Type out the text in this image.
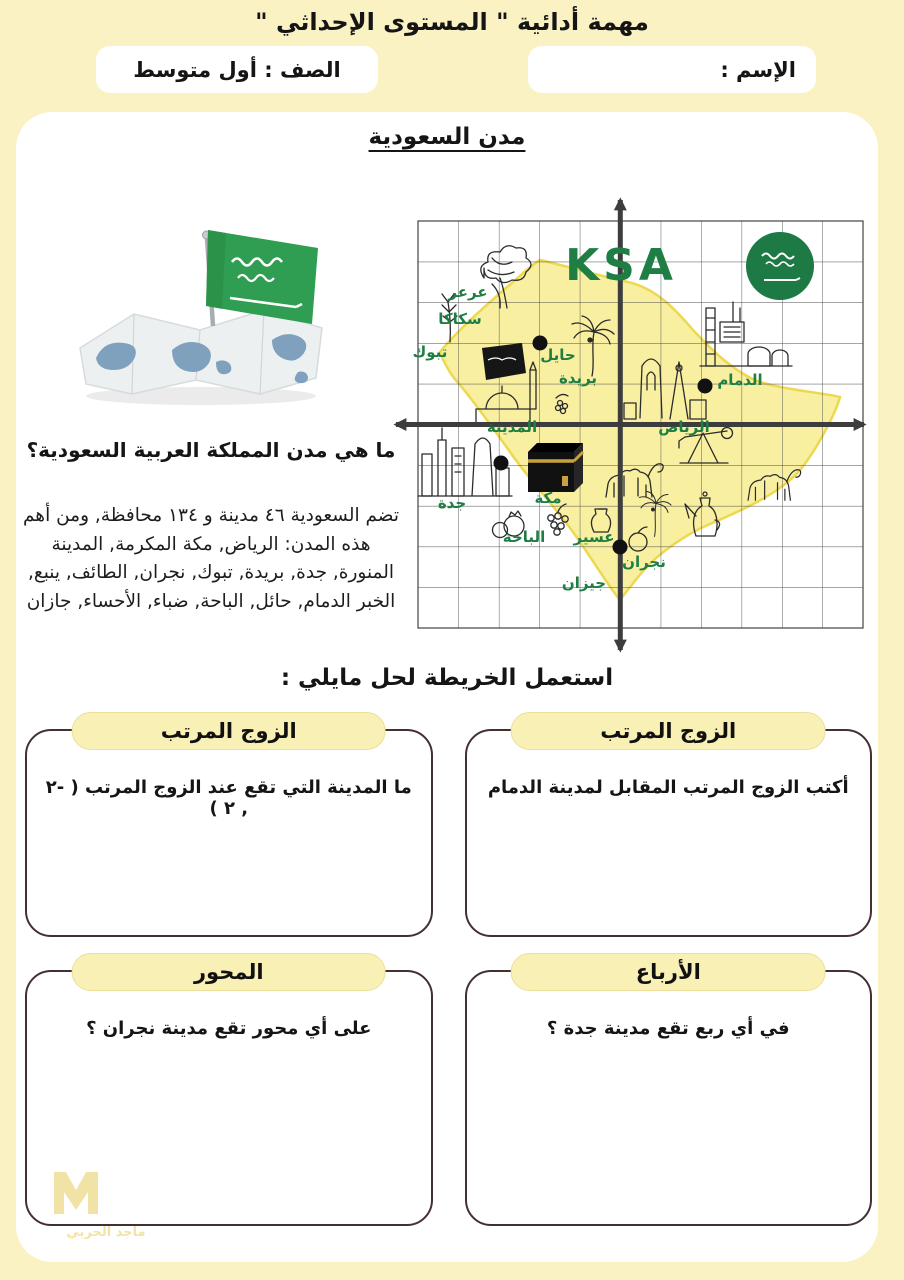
مهمة أدائية " المستوى الإحداثي "
الإسم :
الصف : أول متوسط
مدن السعودية
ما هي مدن المملكة العربية السعودية؟
تضم السعودية ٤٦ مدينة و ١٣٤ محافظة, ومن أهم هذه المدن: الرياض, مكة المكرمة, المدينة المنورة, جدة, بريدة, تبوك, نجران, الطائف, ينبع, الخبر الدمام, حائل, الباحة, ضباء, الأحساء, جازان
KSA
عرعر
سكاكا
تبوك	حايل
بريدة	الدمام
الرياض
المدينة
جدة	مكة
عسير
الباحة
نجران
جيزان
استعمل الخريطة لحل مايلي :
الزوج المرتب
أكتب الزوج المرتب المقابل لمدينة الدمام
الزوج المرتب
ما المدينة التي تقع عند الزوج المرتب ( -٢ , ٢ )
الأرباع
في أي ربع تقع مدينة جدة ؟
المحور
على أي محور تقع مدينة نجران ؟
ماجد الحربي
